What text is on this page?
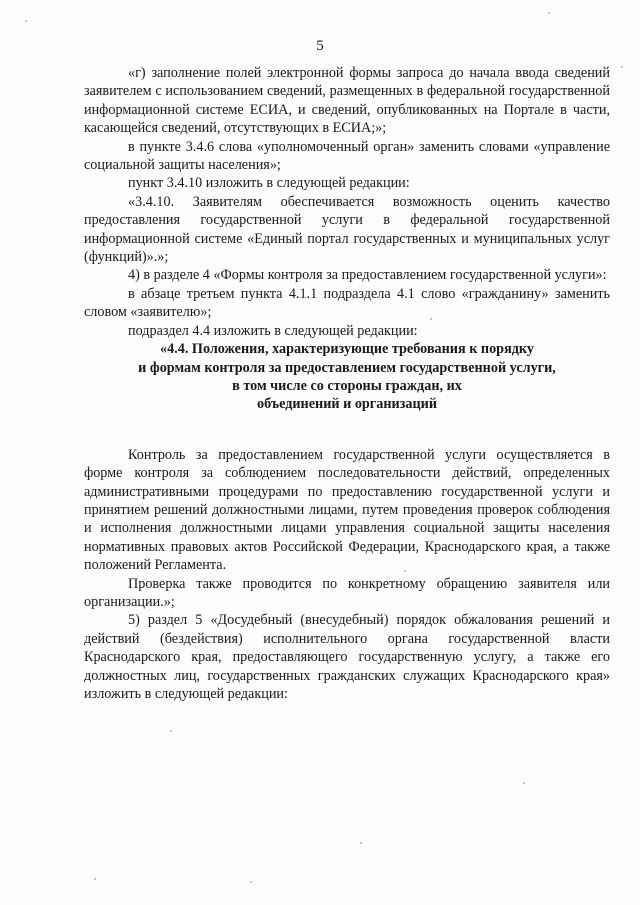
5

«г) заполнение полей электронной формы запроса до начала ввода сведений заявителем с использованием сведений, размещенных в федеральной государственной информационной системе ЕСИА, и сведений, опубликованных на Портале в части, касающейся сведений, отсутствующих в ЕСИА;»;

в пункте 3.4.6 слова «уполномоченный орган» заменить словами «управление социальной защиты населения»;

пункт 3.4.10 изложить в следующей редакции:

«3.4.10. Заявителям обеспечивается возможность оценить качество предоставления государственной услуги в федеральной государственной информационной системе «Единый портал государственных и муниципальных услуг (функций)».»;

4) в разделе 4 «Формы контроля за предоставлением государственной услуги»:

в абзаце третьем пункта 4.1.1 подраздела 4.1 слово «гражданину» заменить словом «заявителю»;

подраздел 4.4 изложить в следующей редакции:

«4.4. Положения, характеризующие требования к порядку
и формам контроля за предоставлением государственной услуги,
в том числе со стороны граждан, их
объединений и организаций

Контроль за предоставлением государственной услуги осуществляется в форме контроля за соблюдением последовательности действий, определенных административными процедурами по предоставлению государственной услуги и принятием решений должностными лицами, путем проведения проверок соблюдения и исполнения должностными лицами управления социальной защиты населения нормативных правовых актов Российской Федерации, Краснодарского края, а также положений Регламента.

Проверка также проводится по конкретному обращению заявителя или организации.»;

5) раздел 5 «Досудебный (внесудебный) порядок обжалования решений и действий (бездействия) исполнительного органа государственной власти Краснодарского края, предоставляющего государственную услугу, а также его должностных лиц, государственных гражданских служащих Краснодарского края» изложить в следующей редакции:
